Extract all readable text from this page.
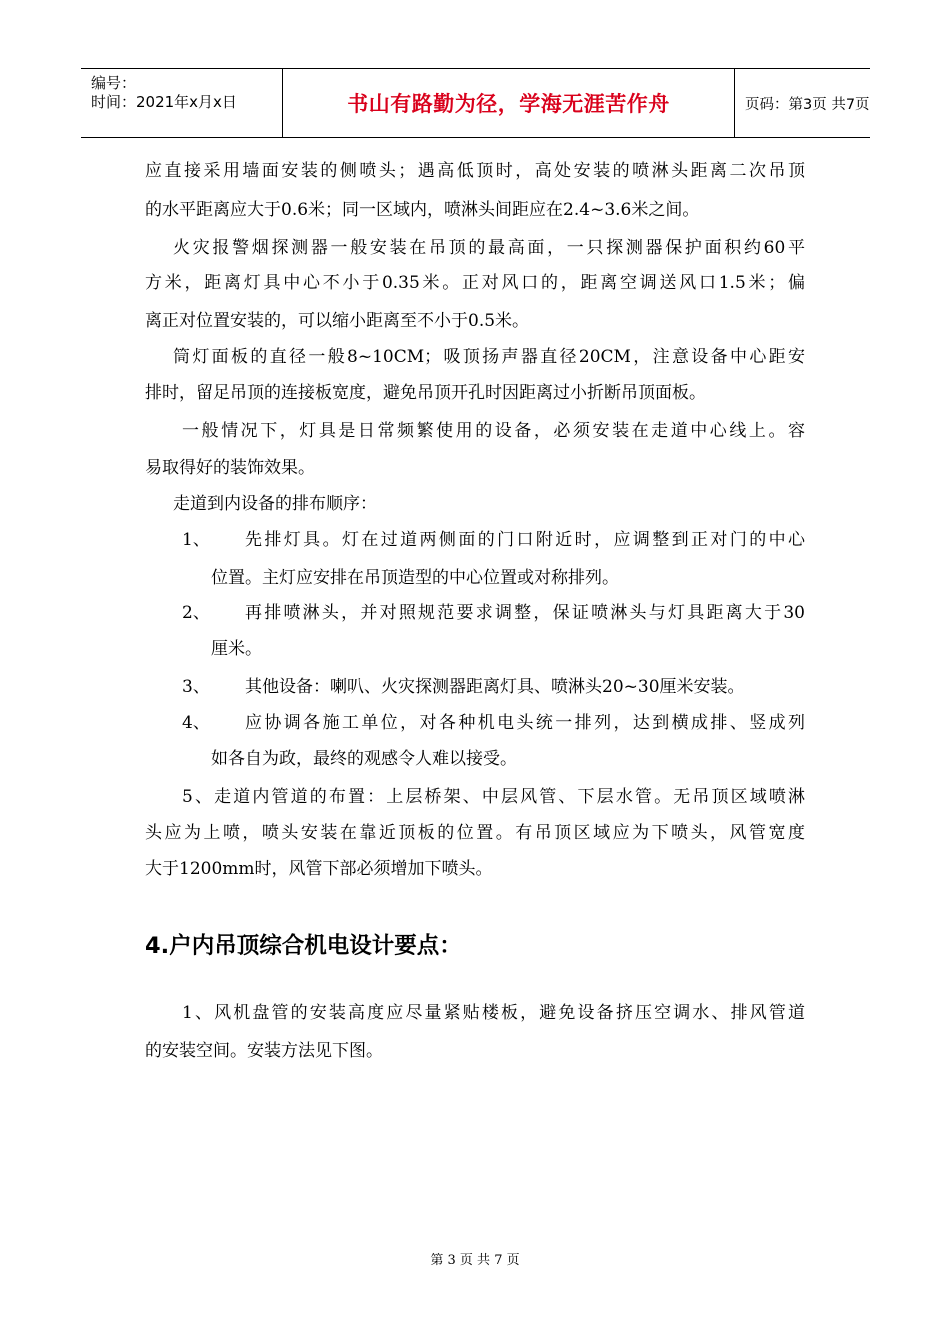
编号：
时间：2021年x月x日	书山有路勤为径，学海无涯苦作舟	页码：第3页 共7页
应直接采用墙面安装的侧喷头；遇高低顶时，高处安装的喷淋头距离二次吊顶
的水平距离应大于0.6米；同一区域内，喷淋头间距应在2.4~3.6米之间。
火灾报警烟探测器一般安装在吊顶的最高面，一只探测器保护面积约60平
方米，距离灯具中心不小于0.35米。正对风口的，距离空调送风口1.5米；偏
离正对位置安装的，可以缩小距离至不小于0.5米。
筒灯面板的直径一般8~10CM；吸顶扬声器直径20CM，注意设备中心距安
排时，留足吊顶的连接板宽度，避免吊顶开孔时因距离过小折断吊顶面板。
一般情况下，灯具是日常频繁使用的设备，必须安装在走道中心线上。容
易取得好的装饰效果。
走道到内设备的排布顺序：
1、 先排灯具。灯在过道两侧面的门口附近时，应调整到正对门的中心
位置。主灯应安排在吊顶造型的中心位置或对称排列。
2、 再排喷淋头，并对照规范要求调整，保证喷淋头与灯具距离大于30
厘米。
3、 其他设备：喇叭、火灾探测器距离灯具、喷淋头20~30厘米安装。
4、 应协调各施工单位，对各种机电头统一排列，达到横成排、竖成列
如各自为政，最终的观感令人难以接受。
5、走道内管道的布置：上层桥架、中层风管、下层水管。无吊顶区域喷淋
头应为上喷，喷头安装在靠近顶板的位置。有吊顶区域应为下喷头，风管宽度
大于1200mm时，风管下部必须增加下喷头。
4.户内吊顶综合机电设计要点：
1、风机盘管的安装高度应尽量紧贴楼板，避免设备挤压空调水、排风管道
的安装空间。安装方法见下图。
第 3 页 共 7 页
